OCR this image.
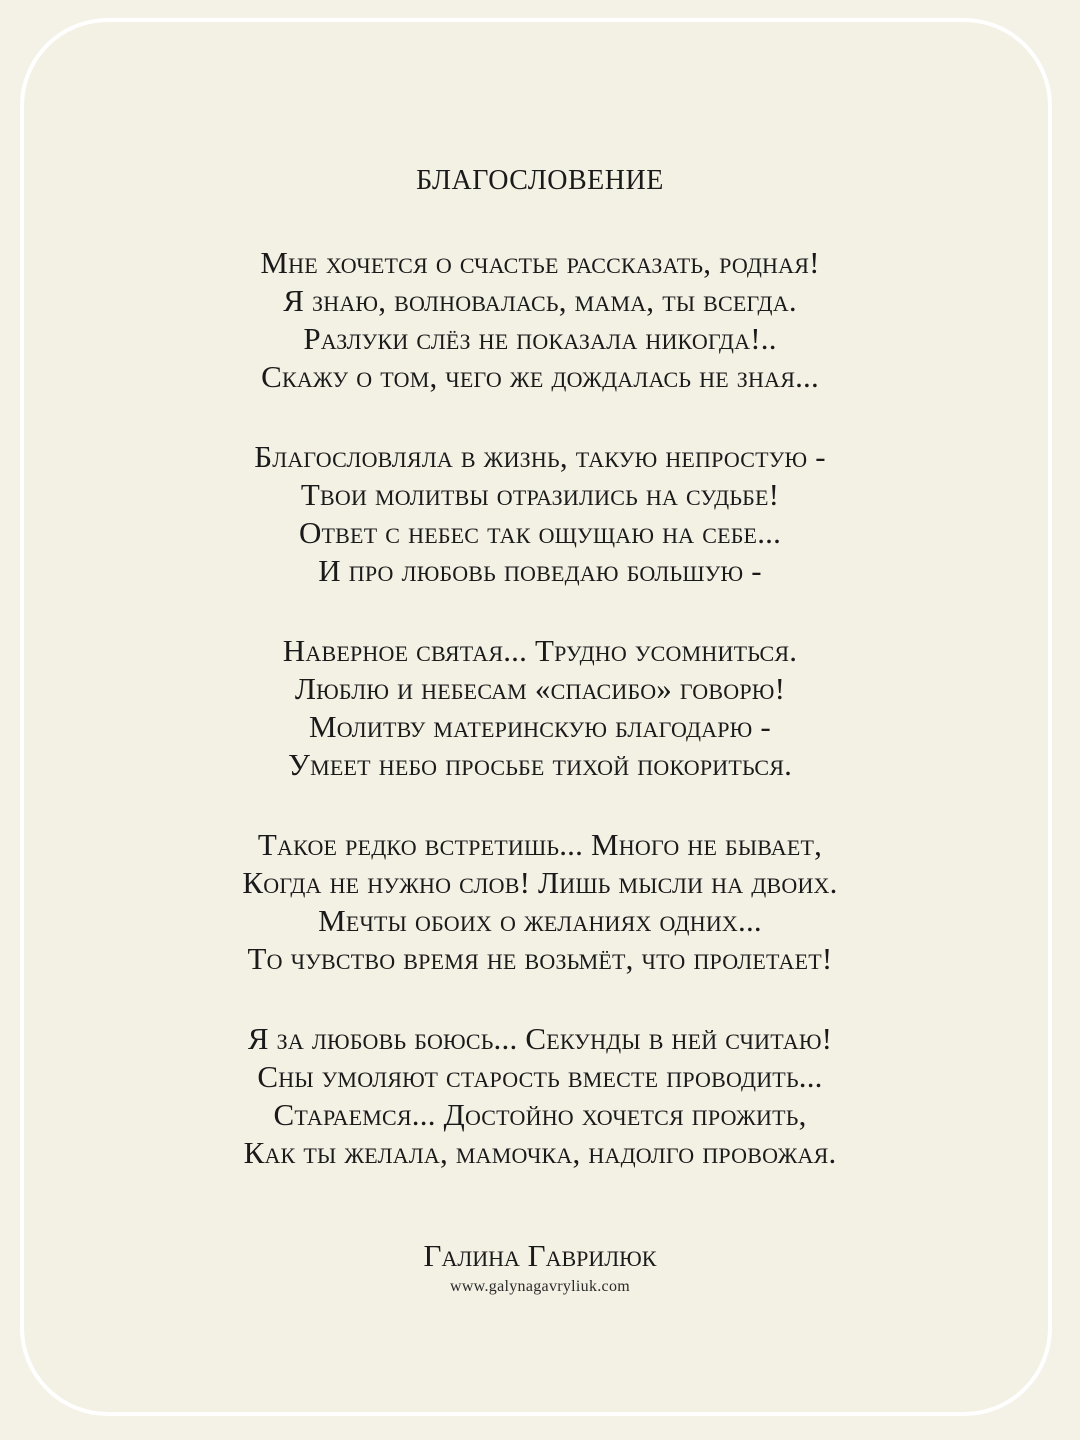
БЛАГОСЛОВЕНИЕ
Мне хочется о счастье рассказать, родная!
Я знаю, волновалась, мама, ты всегда.
Разлуки слёз не показала никогда!..
Скажу о том, чего же дождалась не зная...
Благословляла в жизнь, такую непростую -
Твои молитвы отразились на судьбе!
Ответ с небес так ощущаю на себе...
И про любовь поведаю большую -
Наверное святая... Трудно усомниться.
Люблю и небесам «спасибо» говорю!
Молитву материнскую благодарю -
Умеет небо просьбе тихой покориться.
Такое редко встретишь... Много не бывает,
Когда не нужно слов! Лишь мысли на двоих.
Мечты обоих о желаниях одних...
То чувство время не возьмёт, что пролетает!
Я за любовь боюсь... Секунды в ней считаю!
Сны умоляют старость вместе проводить...
Стараемся... Достойно хочется прожить,
Как ты желала, мамочка, надолго провожая.
Галина Гаврилюк
www.galynagavryliuk.com
